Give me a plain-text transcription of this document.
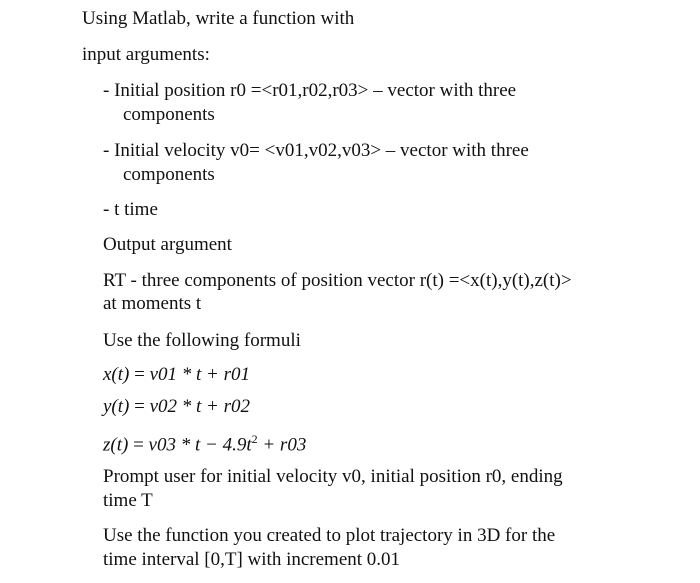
Using Matlab, write a function with
input arguments:
- Initial position r0 =<r01,r02,r03> – vector with three
components
- Initial velocity v0= <v01,v02,v03> – vector with three
components
- t time
Output argument
RT - three components of position vector r(t) =<x(t),y(t),z(t)>
at moments t
Use the following formuli
x(t) = v01 * t + r01
y(t) = v02 * t + r02
$z(t) = v03 * t - 4.9t^2 + r03$
Prompt user for initial velocity v0, initial position r0, ending
time T
Use the function you created to plot trajectory in 3D for the
time interval [0,T] with increment 0.01
